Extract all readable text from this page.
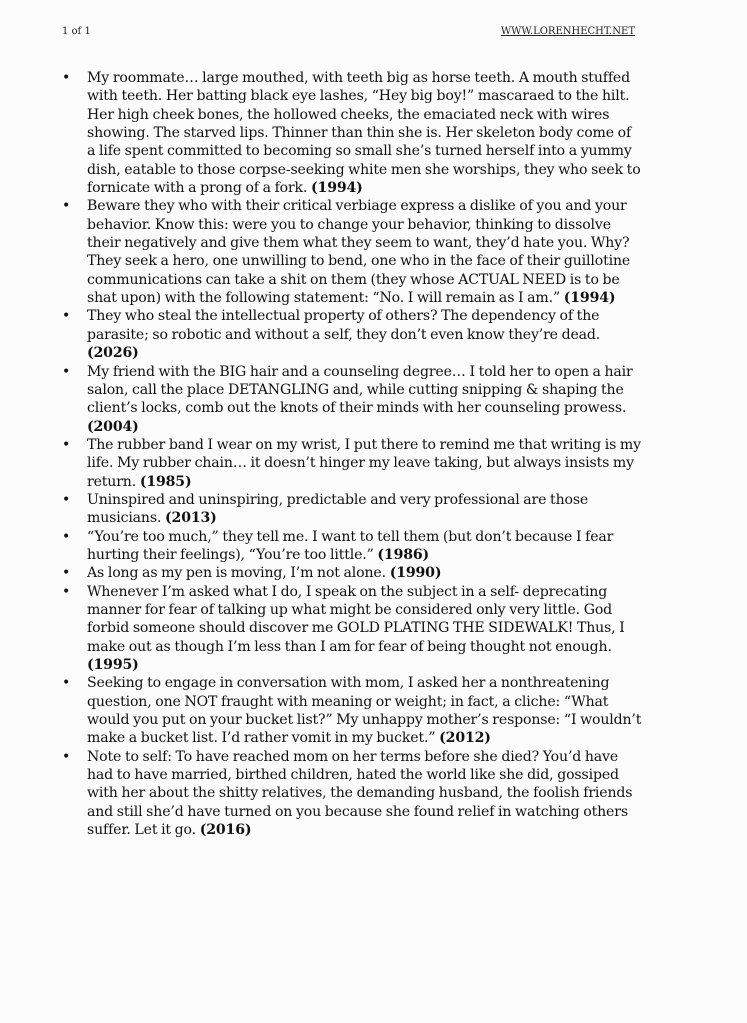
1 of 1	WWW.LORENHECHT.NET
• My roommate… large mouthed, with teeth big as horse teeth. A mouth stuffed with teeth. Her batting black eye lashes, “Hey big boy!” mascaraed to the hilt. Her high cheek bones, the hollowed cheeks, the emaciated neck with wires showing. The starved lips. Thinner than thin she is. Her skeleton body come of a life spent committed to becoming so small she’s turned herself into a yummy dish, eatable to those corpse-seeking white men she worships, they who seek to fornicate with a prong of a fork. (1994)
• Beware they who with their critical verbiage express a dislike of you and your behavior. Know this: were you to change your behavior, thinking to dissolve their negatively and give them what they seem to want, they’d hate you. Why? They seek a hero, one unwilling to bend, one who in the face of their guillotine communications can take a shit on them (they whose ACTUAL NEED is to be shat upon) with the following statement: “No. I will remain as I am.” (1994)
• They who steal the intellectual property of others? The dependency of the parasite; so robotic and without a self, they don’t even know they’re dead. (2026)
• My friend with the BIG hair and a counseling degree… I told her to open a hair salon, call the place DETANGLING and, while cutting snipping & shaping the client’s locks, comb out the knots of their minds with her counseling prowess. (2004)
• The rubber band I wear on my wrist, I put there to remind me that writing is my life. My rubber chain… it doesn’t hinger my leave taking, but always insists my return. (1985)
• Uninspired and uninspiring, predictable and very professional are those musicians. (2013)
• “You’re too much,” they tell me. I want to tell them (but don’t because I fear hurting their feelings), “You’re too little.” (1986)
• As long as my pen is moving, I’m not alone. (1990)
• Whenever I’m asked what I do, I speak on the subject in a self- deprecating manner for fear of talking up what might be considered only very little. God forbid someone should discover me GOLD PLATING THE SIDEWALK! Thus, I make out as though I’m less than I am for fear of being thought not enough. (1995)
• Seeking to engage in conversation with mom, I asked her a nonthreatening question, one NOT fraught with meaning or weight; in fact, a cliche: “What would you put on your bucket list?” My unhappy mother’s response: “I wouldn’t make a bucket list. I’d rather vomit in my bucket.” (2012)
• Note to self: To have reached mom on her terms before she died? You’d have had to have married, birthed children, hated the world like she did, gossiped with her about the shitty relatives, the demanding husband, the foolish friends and still she’d have turned on you because she found relief in watching others suffer. Let it go. (2016)
